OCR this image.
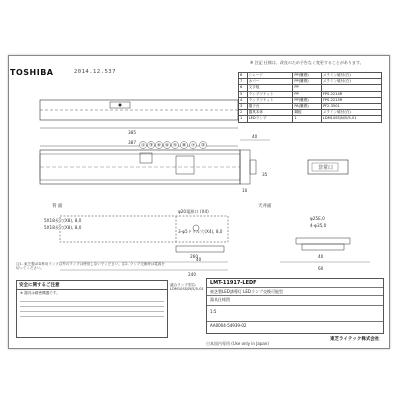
TOSHIBA	2014.12.537
※ 注記 仕様は、改良のため予告なく変更することがあります。
8	シェード	PP(難燃)	メラミン焼付(白)
7	カバー	PP(難燃)	メラミン焼付(白)
6	文字板	PP	
5	ランプソケット	PP	FPS-2214R
4	ランプソケット	PP(難燃)	FPS-2215R
3	端子台	PA(難燃)	PF2-3501
2	器具本体	鋼板	メラミン焼付(白)
1	LEDランプ	1	LDM10SS/N/5/5-01
385
387
① ③ ⑥ ④ ⑤ ⑧ ⑦ ②
40
10
35
非常口
背 面
5X18長穴(X8), 8,0
5X18長穴(X8), 8,0
φ20電源口 (X4)
3-φ5ドリル穴(X4), 8,0
260
40
240
天井面
φ25E,0
4-φ35,0
40
60
注1. 東芝製LED専用ランプ以外のランプは使用しないでください。注2. ランプ交換時は電源を切ってください。
安全に関するご注意
※ 器具は精密機器です。
適合ランプ型名: LDM10SS/N/5/5-01
LMT-11917-LEDF
東芝製LED誘導灯 LEDランプ交換可能型
器具仕様図
1:5
AA0004-54939-02
日本国内専用 (Use only in Japan)
東芝ライテック株式会社
